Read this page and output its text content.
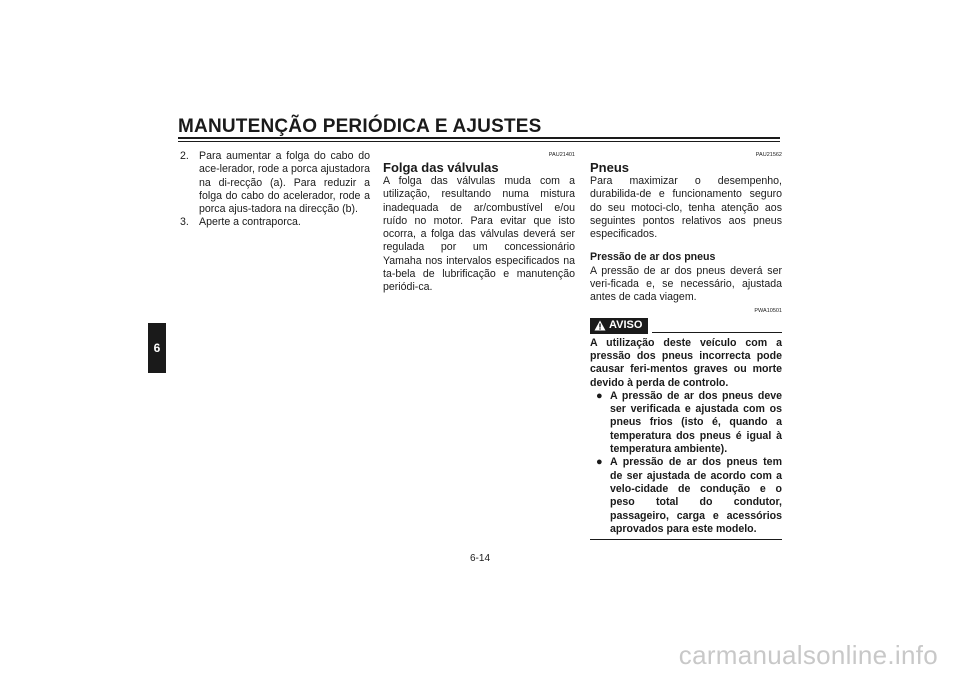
MANUTENÇÃO PERIÓDICA E AJUSTES
6
2. Para aumentar a folga do cabo do ace-lerador, rode a porca ajustadora na di-recção (a). Para reduzir a folga do cabo do acelerador, rode a porca ajus-tadora na direcção (b).
3. Aperte a contraporca.
PAU21401
Folga das válvulas
A folga das válvulas muda com a utilização, resultando numa mistura inadequada de ar/combustível e/ou ruído no motor. Para evitar que isto ocorra, a folga das válvulas deverá ser regulada por um concessionário Yamaha nos intervalos especificados na ta-bela de lubrificação e manutenção periódi-ca.
PAU21562
Pneus
Para maximizar o desempenho, durabilida-de e funcionamento seguro do seu motoci-clo, tenha atenção aos seguintes pontos relativos aos pneus especificados.
Pressão de ar dos pneus
A pressão de ar dos pneus deverá ser veri-ficada e, se necessário, ajustada antes de cada viagem.
PWA10501
AVISO
A utilização deste veículo com a pressão dos pneus incorrecta pode causar feri-mentos graves ou morte devido à perda de controlo.
● A pressão de ar dos pneus deve ser verificada e ajustada com os pneus frios (isto é, quando a temperatura dos pneus é igual à temperatura ambiente).
● A pressão de ar dos pneus tem de ser ajustada de acordo com a velo-cidade de condução e o peso total do condutor, passageiro, carga e acessórios aprovados para este modelo.
6-14
carmanualsonline.info
